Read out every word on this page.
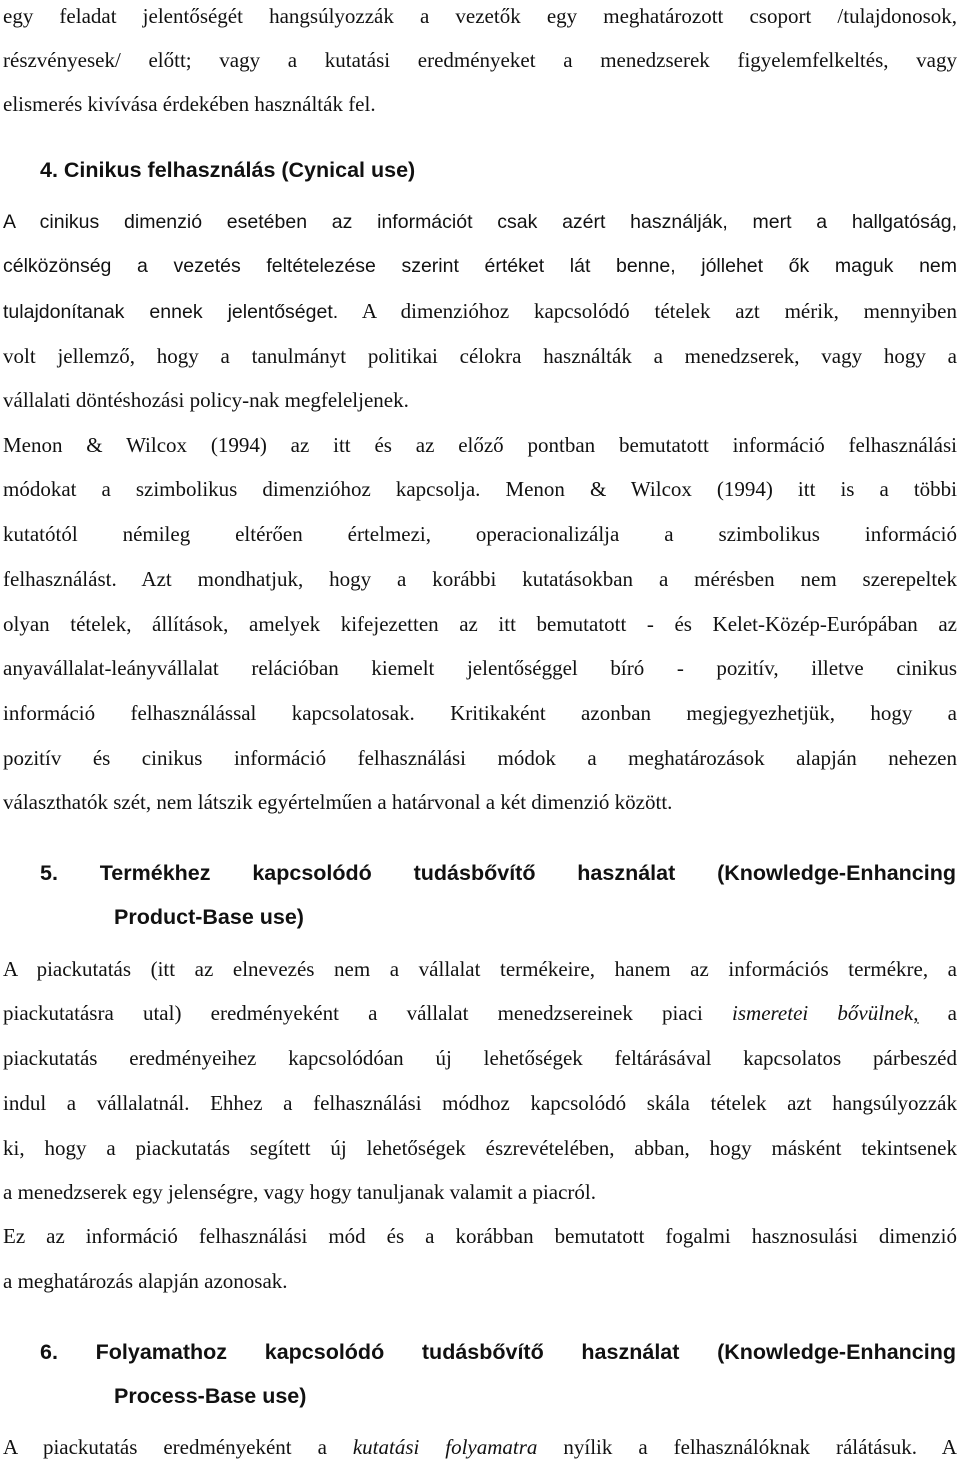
egy feladat jelentőségét hangsúlyozzák a vezetők egy meghatározott csoport /tulajdonosok,

részvényesek/ előtt; vagy a kutatási eredményeket a menedzserek figyelemfelkeltés, vagy

elismerés kivívása érdekében használták fel.

4. Cinikus felhasználás (Cynical use)

A cinikus dimenzió esetében az információt csak azért használják, mert a hallgatóság,

célközönség a vezetés feltételezése szerint értéket lát benne, jóllehet ők maguk nem

tulajdonítanak ennek jelentőséget. A dimenzióhoz kapcsolódó tételek azt mérik, mennyiben

volt jellemző, hogy a tanulmányt politikai célokra használták a menedzserek, vagy hogy a

vállalati döntéshozási policy-nak megfeleljenek.

Menon & Wilcox (1994) az itt és az előző pontban bemutatott információ felhasználási

módokat a szimbolikus dimenzióhoz kapcsolja. Menon & Wilcox (1994) itt is a többi

kutatótól némileg eltérően értelmezi, operacionalizálja a szimbolikus információ

felhasználást. Azt mondhatjuk, hogy a korábbi kutatásokban a mérésben nem szerepeltek

olyan tételek, állítások, amelyek kifejezetten az itt bemutatott - és Kelet-Közép-Európában az

anyavállalat-leányvállalat relációban kiemelt jelentőséggel bíró - pozitív, illetve cinikus

információ felhasználással kapcsolatosak. Kritikaként azonban megjegyezhetjük, hogy a

pozitív és cinikus információ felhasználási módok a meghatározások alapján nehezen

választhatók szét, nem látszik egyértelműen a határvonal a két dimenzió között.

5. Termékhez kapcsolódó tudásbővítő használat (Knowledge-Enhancing
Product-Base use)

A piackutatás (itt az elnevezés nem a vállalat termékeire, hanem az információs termékre, a

piackutatásra utal) eredményeként a vállalat menedzsereinek piaci ismeretei bővülnek, a

piackutatás eredményeihez kapcsolódóan új lehetőségek feltárásával kapcsolatos párbeszéd

indul a vállalatnál. Ehhez a felhasználási módhoz kapcsolódó skála tételek azt hangsúlyozzák

ki, hogy a piackutatás segített új lehetőségek észrevételében, abban, hogy másként tekintsenek

a menedzserek egy jelenségre, vagy hogy tanuljanak valamit a piacról.

Ez az információ felhasználási mód és a korábban bemutatott fogalmi hasznosulási dimenzió

a meghatározás alapján azonosak.

6. Folyamathoz kapcsolódó tudásbővítő használat (Knowledge-Enhancing
Process-Base use)

A piackutatás eredményeként a kutatási folyamatra nyílik a felhasználóknak rálátásuk. A
